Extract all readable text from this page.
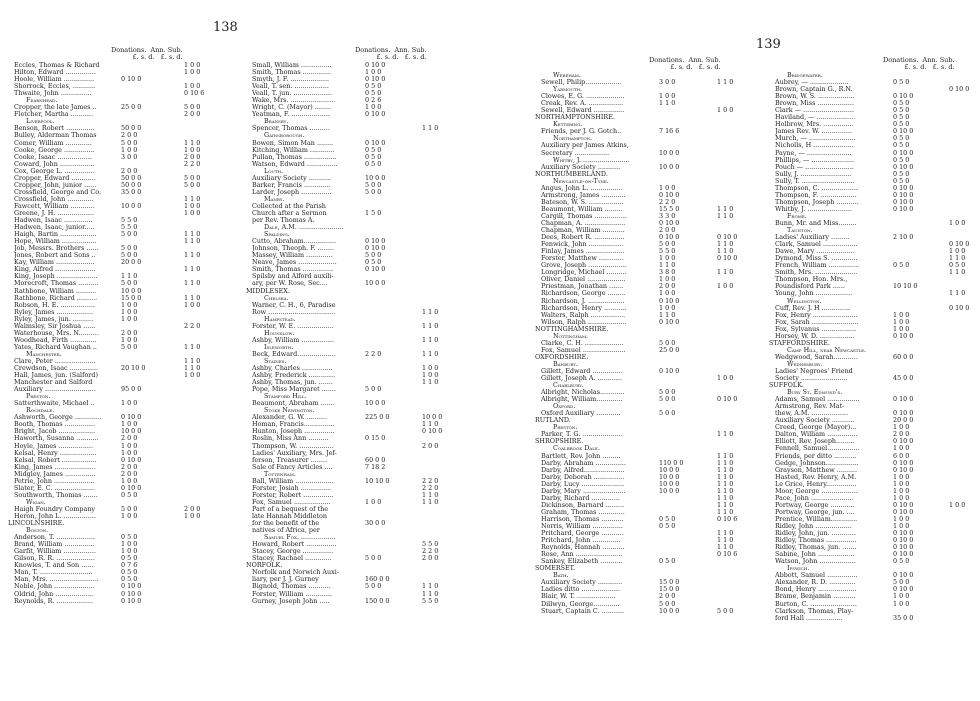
138
139
Donations.  Ann. Sub.
£. s. d.   £. s. d.
Eccles, Thomas & Richard	1 0 0
Hilton, Edward ...............	1 0 0
Hoole, William ...............	0 10 0
Shorrock, Eccles, ...........	1 0 0
Thwaite, John ...............	0 10 6
Fearnhead.
Cropper, the late James ..	25 0 0	5 0 0
Fletcher, Martha ...........	2 0 0
Liverpool.
Benson, Robert ..............	50 0 0
Bulley, Alderman Thomas	2 0 0
Comer, William .............	5 0 0	1 1 0
Cooke, George ...............	1 0 0	1 0 0
Cooke, Isaac .................	3 0 0	2 0 0
Coward, John .................	2 2 0
Cox, George L. ...............	2 0 0
Cropper, Edward ............	50 0 0	5 0 0
Cropper, John, junior ......	50 0 0	5 0 0
Crossfield, George and Co.	35 0 0
Crossfield, John .............	1 1 0
Fawcett, William ............	10 0 0	1 0 0
Greene, J. H. ..................	1 0 0
Hadwen, Isaac ..............	5 5 0
Hadwen, Isaac, junior.....	5 5 0
Haigh, Bartin ..................	5 0 0	1 1 0
Hope, William .................	1 1 0
Job, Messrs. Brothers ......	5 0 0
Jones, Robert and Sons ..	5 0 0	1 1 0
Kay, William ...................	20 0 0
King, Alfred ....................	1 1 0
King, Joseph ....................	1 1 0
Morecroft, Thomas ..........	5 0 0	1 1 0
Rathbone, William ..........	10 0 0
Rathbone, Richard ..........	15 0 0	1 1 0
Robson, H. E. .................	1 0 0	1 0 0
Ryley, James ..................	1 0 0
Ryley, James, jun. ..........	1 0 0
Walmsley, Sir Joshua ......	2 2 0
Waterhouse, Mrs. N..........	2 0 0
Woodhead, Firth .............	1 0 0
Yates, Richard Vaughan ..	5 0 0	1 1 0
Manchester.
Clare, Peter ....................	1 1 0
Crewdson, Isaac ..............	20 10 0	1 1 0
Hall, James, jun. (Salford)	1 0 0
Manchester and Salford
Auxiliary .........................	95 0 0
Preston.
Satterthwaite, Michael ..	1 0 0
Rochdale.
Ashworth, George .............	0 10 0
Booth, Thomas ...............	1 0 0
Bright, Jacob ..................	10 0 0
Haworth, Susanna ...........	2 0 0
Hoyle, James .................	1 0 0
Kelsal, Henry ..................	1 0 0
Kelsal, Robert .................	0 10 0
King, James ....................	2 0 0
Midgley, James ...............	2 0 0
Petrie, John ....................	1 0 0
Slater, E. C. ....................	0 10 0
Southworth, Thomas .......	0 5 0
Wigan.
Haigh Foundry Company	5 0 0	2 0 0
Heron, John L. ................	1 0 0	1 0 0
LINCOLNSHIRE.
Boston.
Anderson, T. ...................	0 5 0
Brand, William ...............	1 0 0
Garfit, William ................	1 0 0
Gilson, R. R. ...................	0 5 0
Knowles, T. and Son ......	0 7 6
Man, T. ..........................	0 5 0
Man, Mrs. ........................	0 5 0
Noble, John ....................	0 10 0
Oldrid, John ...................	0 10 0
Reynolds, R. ..................	0 10 0
Donations.  Ann. Sub.
£. s. d.   £. s. d.
Small, William ...............	0 10 0
Smith, Thomas ..............	1 0 0
Smyth, J. F. ...................	0 10 0
Veall, T. sen. .................	0 5 0
Veall, T. jun. ...................	0 5 0
Wake, Mrs. ......................	0 2 6
Wright, C. (Mayor) ........	1 0 0
Yeatman, F. ...................	0 10 0
Bransby.
Spencer, Thomas ..........	1 1 0
Gainsborough.
Bowen, Simon Man ........	0 10 0
Kitching, William ............	0 5 0
Pullan, Thomas ................	0 5 0
Watson, Edward ...............	0 5 0
Louth.
Auxiliary Society ...........	10 0 0
Barker, Francis .............	5 0 0
Larder, Joseph ...............	5 0 0
Manby.
Collected at the Parish
Church after a Sermon	1 5 0
per Rev. Thomas A.
Dale, A.M. ......................
Spalding.
Cutto, Abraham................	0 10 0
Johnson, Theoph. F. ........	0 10 0
Massey, William .............	5 0 0
Neave, James ...................	0 5 0
Smith, Thomas ...............	0 10 0
Spilsby and Alford auxili-
ary, per W. Rose, Sec....	10 0 0
MIDDLESEX.
Chelsea.
Warner, C. H., 6, Paradise
Row .................................	1 1 0
Hampstead.
Forster, W. E. ..................	1 1 0
Hounslow.
Ashby, William ................	1 1 0
Isleworth.
Beck, Edward...................	2 2 0	1 1 0
Staines.
Ashby, Charles ...............	1 0 0
Ashby, Frederick .............	1 0 0
Ashby, Thomas, jun. .......	1 1 0
Pope, Miss Margaret .......	5 0 0
Stamford Hill.
Beaumont, Abraham .......	10 0 0
Stoke Newington.
Alexander, G. W. ..........	225 0 0	10 0 0
Homan, Francis...............	1 1 0
Hunton, Joseph ...............	0 10 0
Roslin, Miss Ann ..........	0 15 0
Thompson, W. .................	2 0 0
Ladies' Auxiliary, Mrs. Jef-
ferson, Treasurer ........	60 0 0
Sale of Fancy Articles ....	7 18 2
Tottenham.
Ball, William ...................	10 10 0	2 2 0
Forster, Josiah ...............	2 2 0
Forster, Robert ...............	1 1 0
Fox, Samuel ..................	1 0 0	1 1 0
Part of a bequest of the
late Hannah Middleton
for the benefit of the	30 0 0
natives of Africa, per
Samuel Fox. .................
Howard, Robert ...............	5 5 0
Stacey, George ...............	2 2 0
Stacey, Rachael .............	5 0 0	2 0 0
NORFOLK.
Norfolk and Norwich Auxi-
liary, per J. J. Gurney	160 0 0
Bignold, Thomas ...........	5 0 0	1 1 0
Forster, William .............	1 1 0
Gurney, Joseph John .....	150 0 0	5 5 0
Donations.  Ann. Sub.
£. s. d.   £. s. d.
Wereham.
Sewell, Philip..................	3 0 0	1 1 0
Yarmouth.
Clowes, E. G. ...................	1 0 0
Creak, Rev. A. .................	1 1 0
Sewell, Edward ...............	1 0 0
NORTHAMPTONSHIRE.
Kettering.
Friends, per J. G. Gotch..	7 16 6
Northampton.
Auxiliary per James Atkins,
Secretary .................	10 0 0
Whitby, J. .......................
Auxiliary Society ...........	10 0 0
NORTHUMBERLAND.
Newcastle-on-Tyne.
Angus, John L. ................	1 0 0
Armstrong, James ............	0 10 0
Bateson, W. S. .................	2 2 0
Beaumont, William .........	15 5 0	1 1 0
Cargill, Thomas ................	3 3 0	1 1 0
Chapman, A. ....................	0 10 0
Chapman, William ...........	2 0 0
Dees, Robert R. ...............	0 10 0	0 10 0
Fenwick, John .................	5 0 0	1 1 0
Finlay, James ...................	5 5 0	1 1 0
Forster, Matthew ............	1 0 0	0 10 0
Grove, Joseph ...................	1 1 0
Longridge, Michael ..........	3 8 0	1 1 0
Oliver, Daniel ...................	1 0 0
Priestman, Jonathan .......	2 0 0	1 0 0
Richardson, George .........	1 0 0
Richardson, J. ..................	0 10 0
Richardson, Henry ...........	1 0 0
Walters, Ralph .................	1 1 0
Wilson, Ralph ...................	0 10 0
NOTTINGHAMSHIRE.
Nottingham.
Clarke, C. H. ...................	5 0 0
Fox, Samuel .....................	25 0 0
OXFORDSHIRE.
Banbury.
Gillett, Edward ...............	0 10 0
Gillett, Joseph A. ............	1 0 0
Charlbury.
Albright, Nicholas............	5 0 0
Albright, William.............	5 0 0	0 10 0
Oxford.
Oxford Auxiliary ............	5 0 0
RUTLAND.
Preston.
Parker, T. G. ....................	1 1 0
SHROPSHIRE.
Coalbrook Dale.
Bartlett, Rev. John .........	1 1 0
Darby, Abraham ...............	110 0 0	1 1 0
Darby, Alfred....................	10 0 0	1 1 0
Darby, Deborah ...............	10 0 0	1 1 0
Darby, Lucy .....................	10 0 0	1 1 0
Darby, Mary .....................	10 0 0	1 1 0
Darby, Richard ..............	1 1 0
Dickinson, Barnard .........	1 1 0
Graham, Thomas .............	1 1 0
Harrison, Thomas ...........	0 5 0	0 10 6
Norris, William ...............	0 5 0
Pritchard, George ...........	1 1 0
Pritchard, John ..............	1 1 0
Reynolds, Hannah ...........	1 1 0
Rose, Ann .......................	0 10 6
Sankey, Elizabeth ...........	0 5 0
SOMERSET.
Bath.
Auxiliary Society ............	15 0 0
Ladies ditto ...................	15 0 0
Blair, W. T. ...................	2 0 0
Dillwyn, George.............	5 0 0
Stuart, Captain C. ...........	10 0 0	5 0 0
Donations.  Ann. Sub.
£. s. d.   £. s. d.
Bridgewater.
Aubrey, — ...................	0 5 0
Brown, Captain G., R.N.	0 10 0
Brown, W. S. ..................	0 10 0
Brown, Miss ..................	0 5 0
Clark — .........................	0 5 0
Haviland, — ...................	0 5 0
Holbrow, Mrs. ...............	0 5 0
James Rev. W. ...............	0 10 0
Murch, — .......................	0 5 0
Nicholls, H ....................	0 5 0
Payne, — ......................	0 10 0
Phillips, — .....................	0 5 0
Pouch — ........................	0 10 0
Sully, J. .........................	0 5 0
Sully, T. ..........................	0 5 0
Thompson, C. ..................	0 10 0
Thompson, F. ..................	0 10 0
Thompson, Joseph ...........	0 10 0
Whitby, J. ......................	0 10 0
Frome.
Bunn, Mr. and Miss.........	1 0 0
Taunton.
Ladies' Auxiliary .........	2 10 0
Clark, Samuel .................	0 10 0
Dawe, Mary ...................	1 0 0
Dymond, Miss S. .............	1 1 0
French, William ...............	0 5 0	0 5 0
Smith, Mrs. .....................	1 1 0
Thompson, Hon. Mrs.,
Poundisford Park ......	10 10 0
Young, John ..................	1 1 0
Wellington.
Cuff, Rev. J. H ..............	0 10 0
Fox, Henry ......................	1 0 0
Fox, Sarah .......................	1 0 0
Fox, Sylvanus .................	1 0 0
Horsey, W. D. .................	0 10 0
STAFFORDSHIRE.
Camp Hill, near Newcastle.
Wedgwood, Sarah............	60 0 0
Wednesbury.
Ladies' Negroes' Friend
Society .......................	45 0 0
SUFFOLK.
Bury St. Edmund's.
Adams, Samuel ................	0 10 0
Armstrong, Rev. Mat-
thew, A.M. ..................	0 10 0
Auxiliary Society ...........	20 0 0
Creed, George (Mayor)...	1 0 0
Dalton, William ...............	2 0 0
Elliott, Rev. Joseph.........	0 10 0
Fennell, Samuel................	1 0 0
Friends, per ditto ...........	6 0 0
Gedge, Johnson................	0 10 0
Grayson, Matthew ..........	0 10 0
Hasted, Rev. Henry, A.M.	1 0 0
Le Grice, Henry...............	1 0 0
Moor, George ..................	1 0 0
Pace, John .....................	1 0 0
Portway, George ............	0 10 0	1 0 0
Portway, George, jun. ....	0 10 0
Prentice, William.............	1 0 0
Ridley, John ..................	1 0 0
Ridley, John, jun. ............	0 10 0
Ridley, Thomas ...............	0 10 0
Ridley, Thomas, jun. .......	0 10 0
Sabine, John ..................	0 10 0
Watson, John ..................	0 5 0
Ipswich.
Abbott, Samuel ...............	0 10 0
Alexander, R. D. .............	5 0 0
Bond, Henry ...................	0 10 0
Brame, Benjamin ...........	1 0 0
Burton, C. .......................	1 0 0
Clarkson, Thomas, Play-
ford Hall ..................	35 0 0
